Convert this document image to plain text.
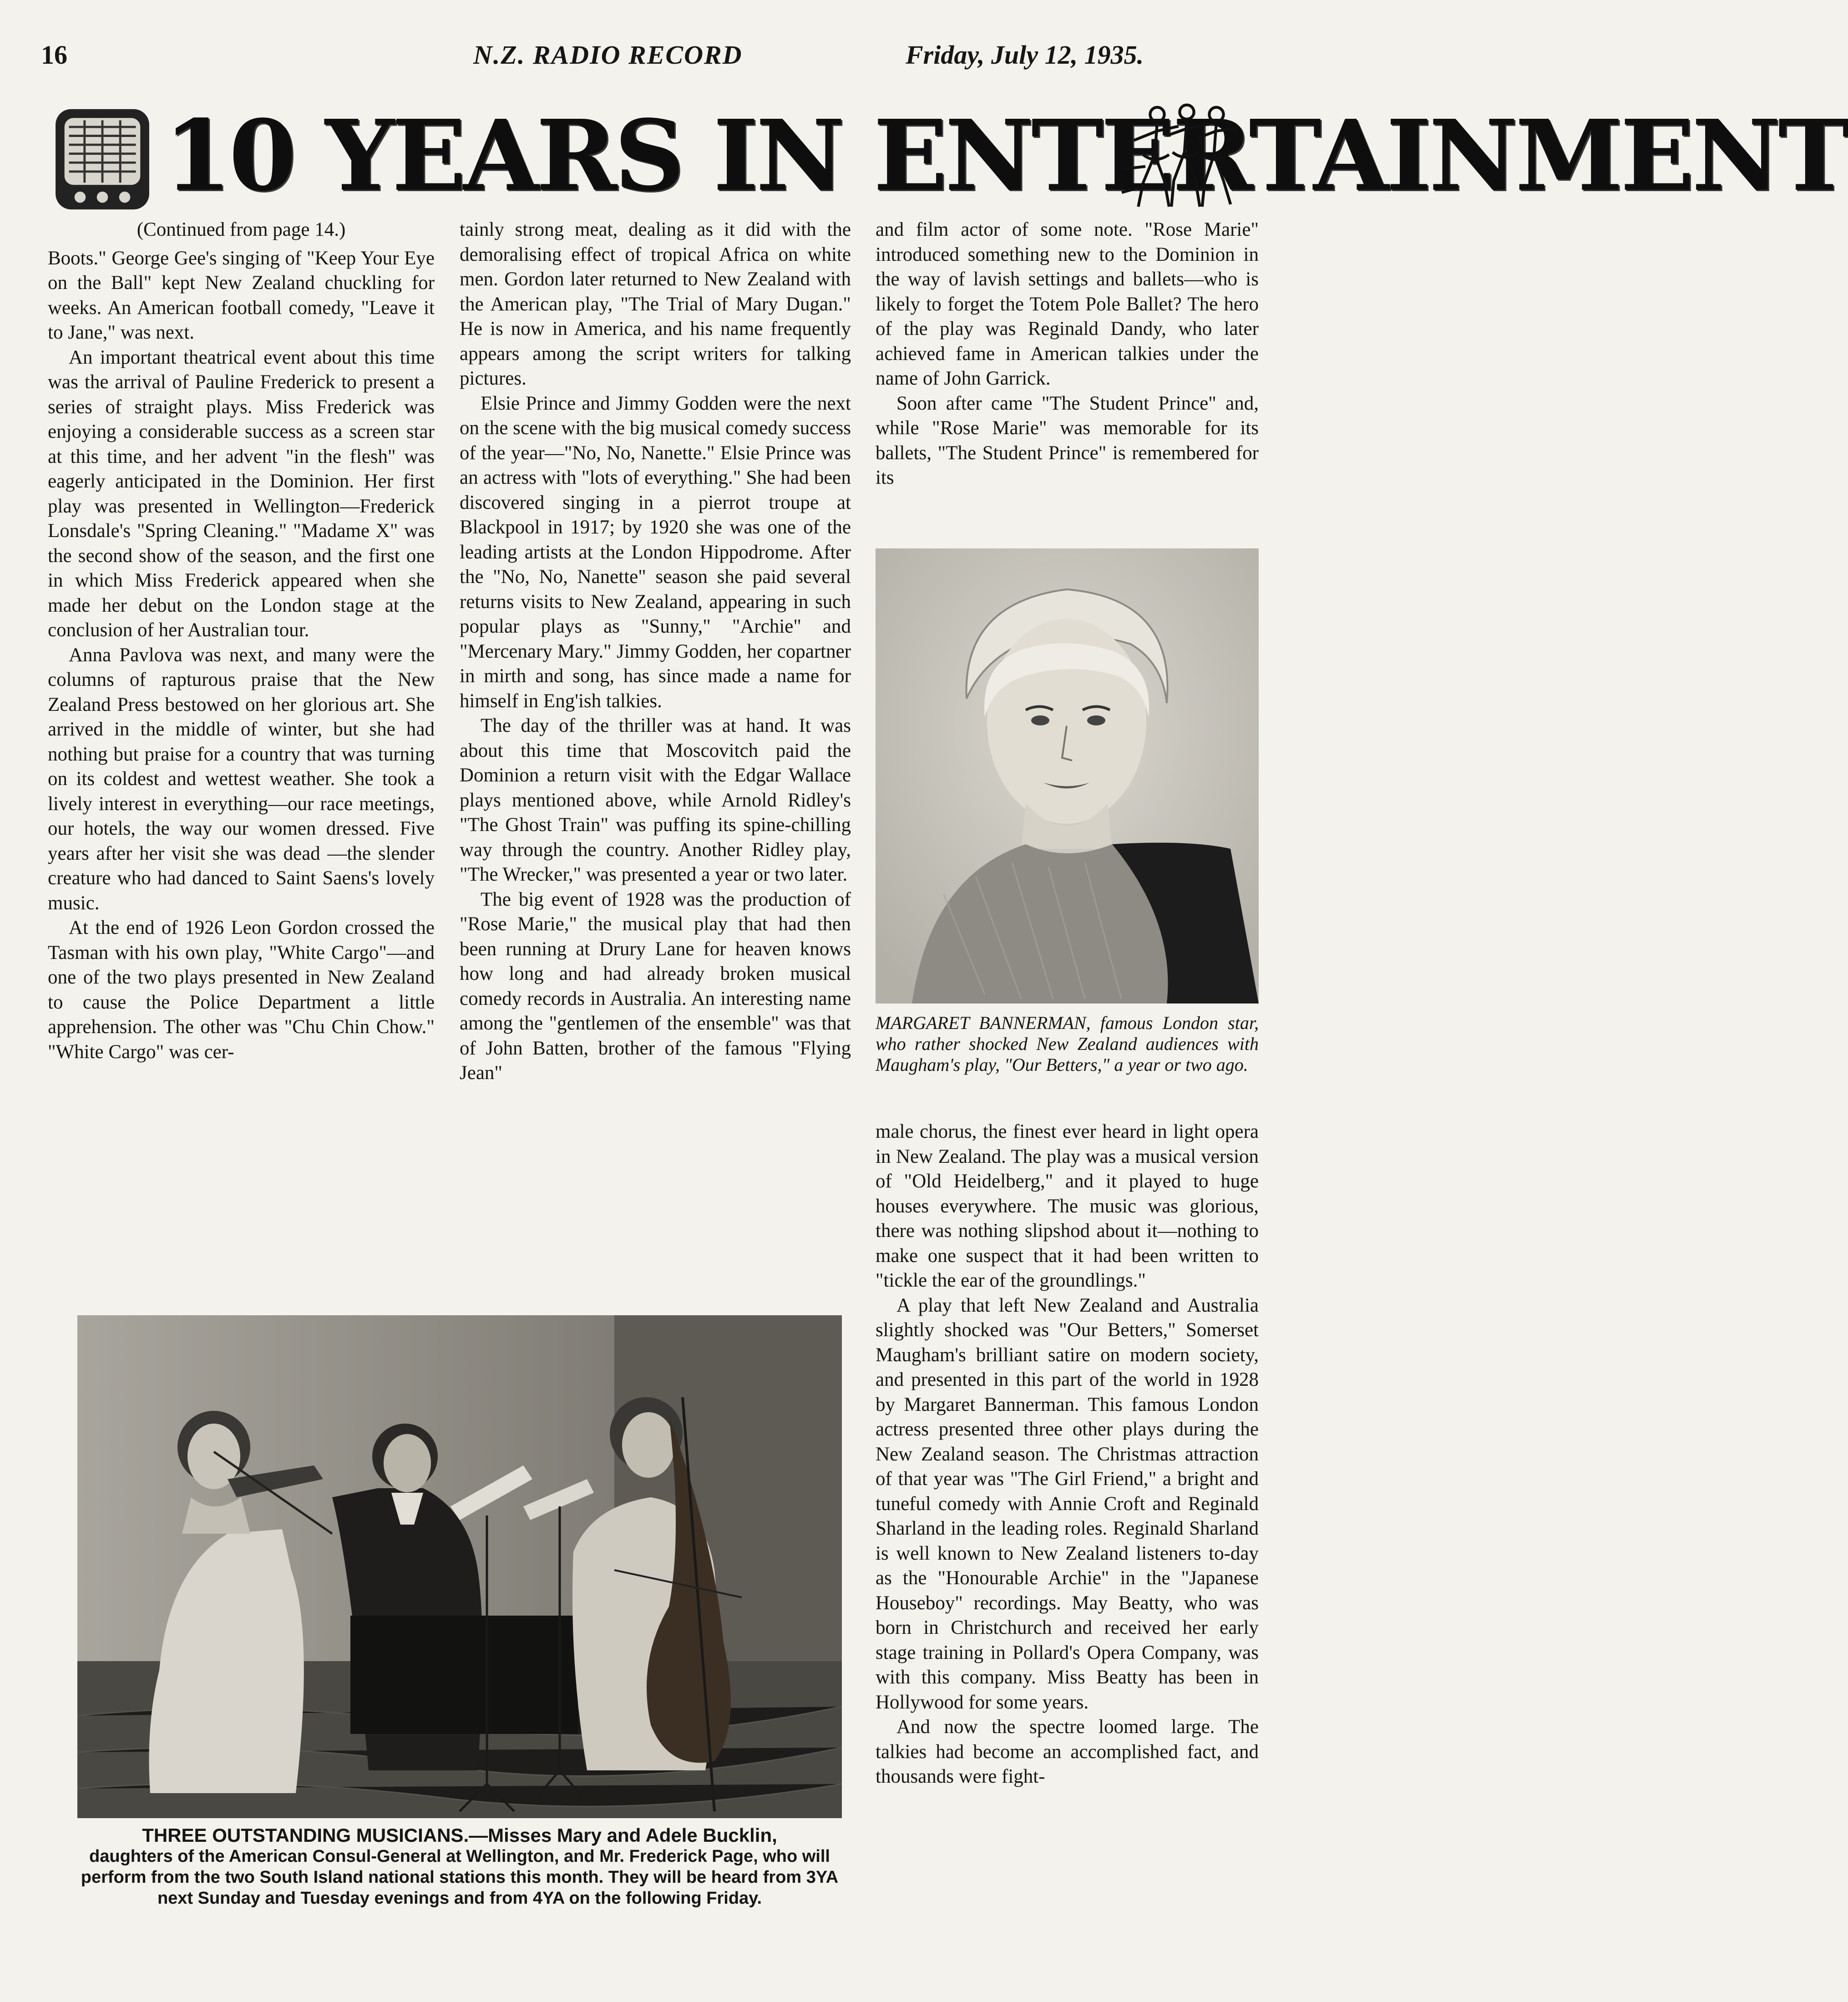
16	N.Z. RADIO RECORD	Friday, July 12, 1935.
10 YEARS IN ENTERTAINMENT

(Continued from page 14.)

Boots." George Gee's singing of "Keep Your Eye on the Ball" kept New Zealand chuckling for weeks. An American football comedy, "Leave it to Jane," was next.

An important theatrical event about this time was the arrival of Pauline Frederick to present a series of straight plays. Miss Frederick was enjoying a considerable success as a screen star at this time, and her advent "in the flesh" was eagerly anticipated in the Dominion. Her first play was presented in Wellington—Frederick Lonsdale's "Spring Cleaning." "Madame X" was the second show of the season, and the first one in which Miss Frederick appeared when she made her debut on the London stage at the conclusion of her Australian tour.

Anna Pavlova was next, and many were the columns of rapturous praise that the New Zealand Press bestowed on her glorious art. She arrived in the middle of winter, but she had nothing but praise for a country that was turning on its coldest and wettest weather. She took a lively interest in everything—our race meetings, our hotels, the way our women dressed. Five years after her visit she was dead —the slender creature who had danced to Saint Saens's lovely music.

At the end of 1926 Leon Gordon crossed the Tasman with his own play, "White Cargo"—and one of the two plays presented in New Zealand to cause the Police Department a little apprehension. The other was "Chu Chin Chow." "White Cargo" was cer-

tainly strong meat, dealing as it did with the demoralising effect of tropical Africa on white men. Gordon later returned to New Zealand with the American play, "The Trial of Mary Dugan." He is now in America, and his name frequently appears among the script writers for talking pictures.

Elsie Prince and Jimmy Godden were the next on the scene with the big musical comedy success of the year—"No, No, Nanette." Elsie Prince was an actress with "lots of everything." She had been discovered singing in a pierrot troupe at Blackpool in 1917; by 1920 she was one of the leading artists at the London Hippodrome. After the "No, No, Nanette" season she paid several returns visits to New Zealand, appearing in such popular plays as "Sunny," "Archie" and "Mercenary Mary." Jimmy Godden, her copartner in mirth and song, has since made a name for himself in Eng'ish talkies.

The day of the thriller was at hand. It was about this time that Moscovitch paid the Dominion a return visit with the Edgar Wallace plays mentioned above, while Arnold Ridley's "The Ghost Train" was puffing its spine-chilling way through the country. Another Ridley play, "The Wrecker," was presented a year or two later.

The big event of 1928 was the production of "Rose Marie," the musical play that had then been running at Drury Lane for heaven knows how long and had already broken musical comedy records in Australia. An interesting name among the "gentlemen of the ensemble" was that of John Batten, brother of the famous "Flying Jean"

and film actor of some note. "Rose Marie" introduced something new to the Dominion in the way of lavish settings and ballets—who is likely to forget the Totem Pole Ballet? The hero of the play was Reginald Dandy, who later achieved fame in American talkies under the name of John Garrick.

Soon after came "The Student Prince" and, while "Rose Marie" was memorable for its ballets, "The Student Prince" is remembered for its

MARGARET BANNERMAN, famous London star, who rather shocked New Zealand audiences with Maugham's play, "Our Betters," a year or two ago.

male chorus, the finest ever heard in light opera in New Zealand. The play was a musical version of "Old Heidelberg," and it played to huge houses everywhere. The music was glorious, there was nothing slipshod about it—nothing to make one suspect that it had been written to "tickle the ear of the groundlings."

A play that left New Zealand and Australia slightly shocked was "Our Betters," Somerset Maugham's brilliant satire on modern society, and presented in this part of the world in 1928 by Margaret Bannerman. This famous London actress presented three other plays during the New Zealand season. The Christmas attraction of that year was "The Girl Friend," a bright and tuneful comedy with Annie Croft and Reginald Sharland in the leading roles. Reginald Sharland is well known to New Zealand listeners to-day as the "Honourable Archie" in the "Japanese Houseboy" recordings. May Beatty, who was born in Christchurch and received her early stage training in Pollard's Opera Company, was with this company. Miss Beatty has been in Hollywood for some years.

And now the spectre loomed large. The talkies had become an accomplished fact, and thousands were fight-

THREE OUTSTANDING MUSICIANS.—Misses Mary and Adele Bucklin,
daughters of the American Consul-General at Wellington, and Mr. Frederick Page, who will perform from the two South Island national stations this month. They will be heard from 3YA next Sunday and Tuesday evenings and from 4YA on the following Friday.
